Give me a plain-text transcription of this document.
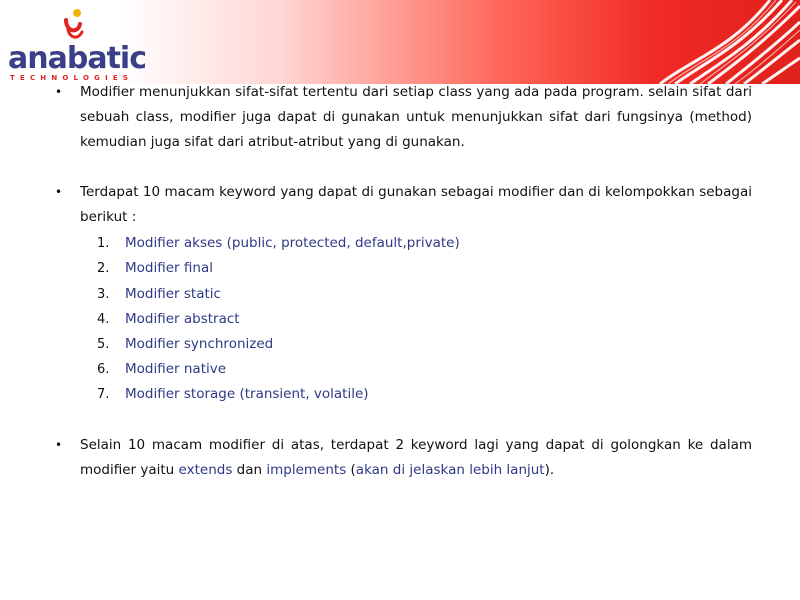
anabatic
TECHNOLOGIES
• Modifier menunjukkan sifat-sifat tertentu dari setiap class yang ada pada program. selain sifat dari sebuah class, modifier juga dapat di gunakan untuk menunjukkan sifat dari fungsinya (method) kemudian juga sifat dari atribut-atribut yang di gunakan.
• Terdapat 10 macam keyword yang dapat di gunakan sebagai modifier dan di kelompokkan sebagai berikut :
1. Modifier akses (public, protected, default,private)
2. Modifier final
3. Modifier static
4. Modifier abstract
5. Modifier synchronized
6. Modifier native
7. Modifier storage (transient, volatile)
• Selain 10 macam modifier di atas, terdapat 2 keyword lagi yang dapat di golongkan ke dalam modifier yaitu extends dan implements (akan di jelaskan lebih lanjut).
